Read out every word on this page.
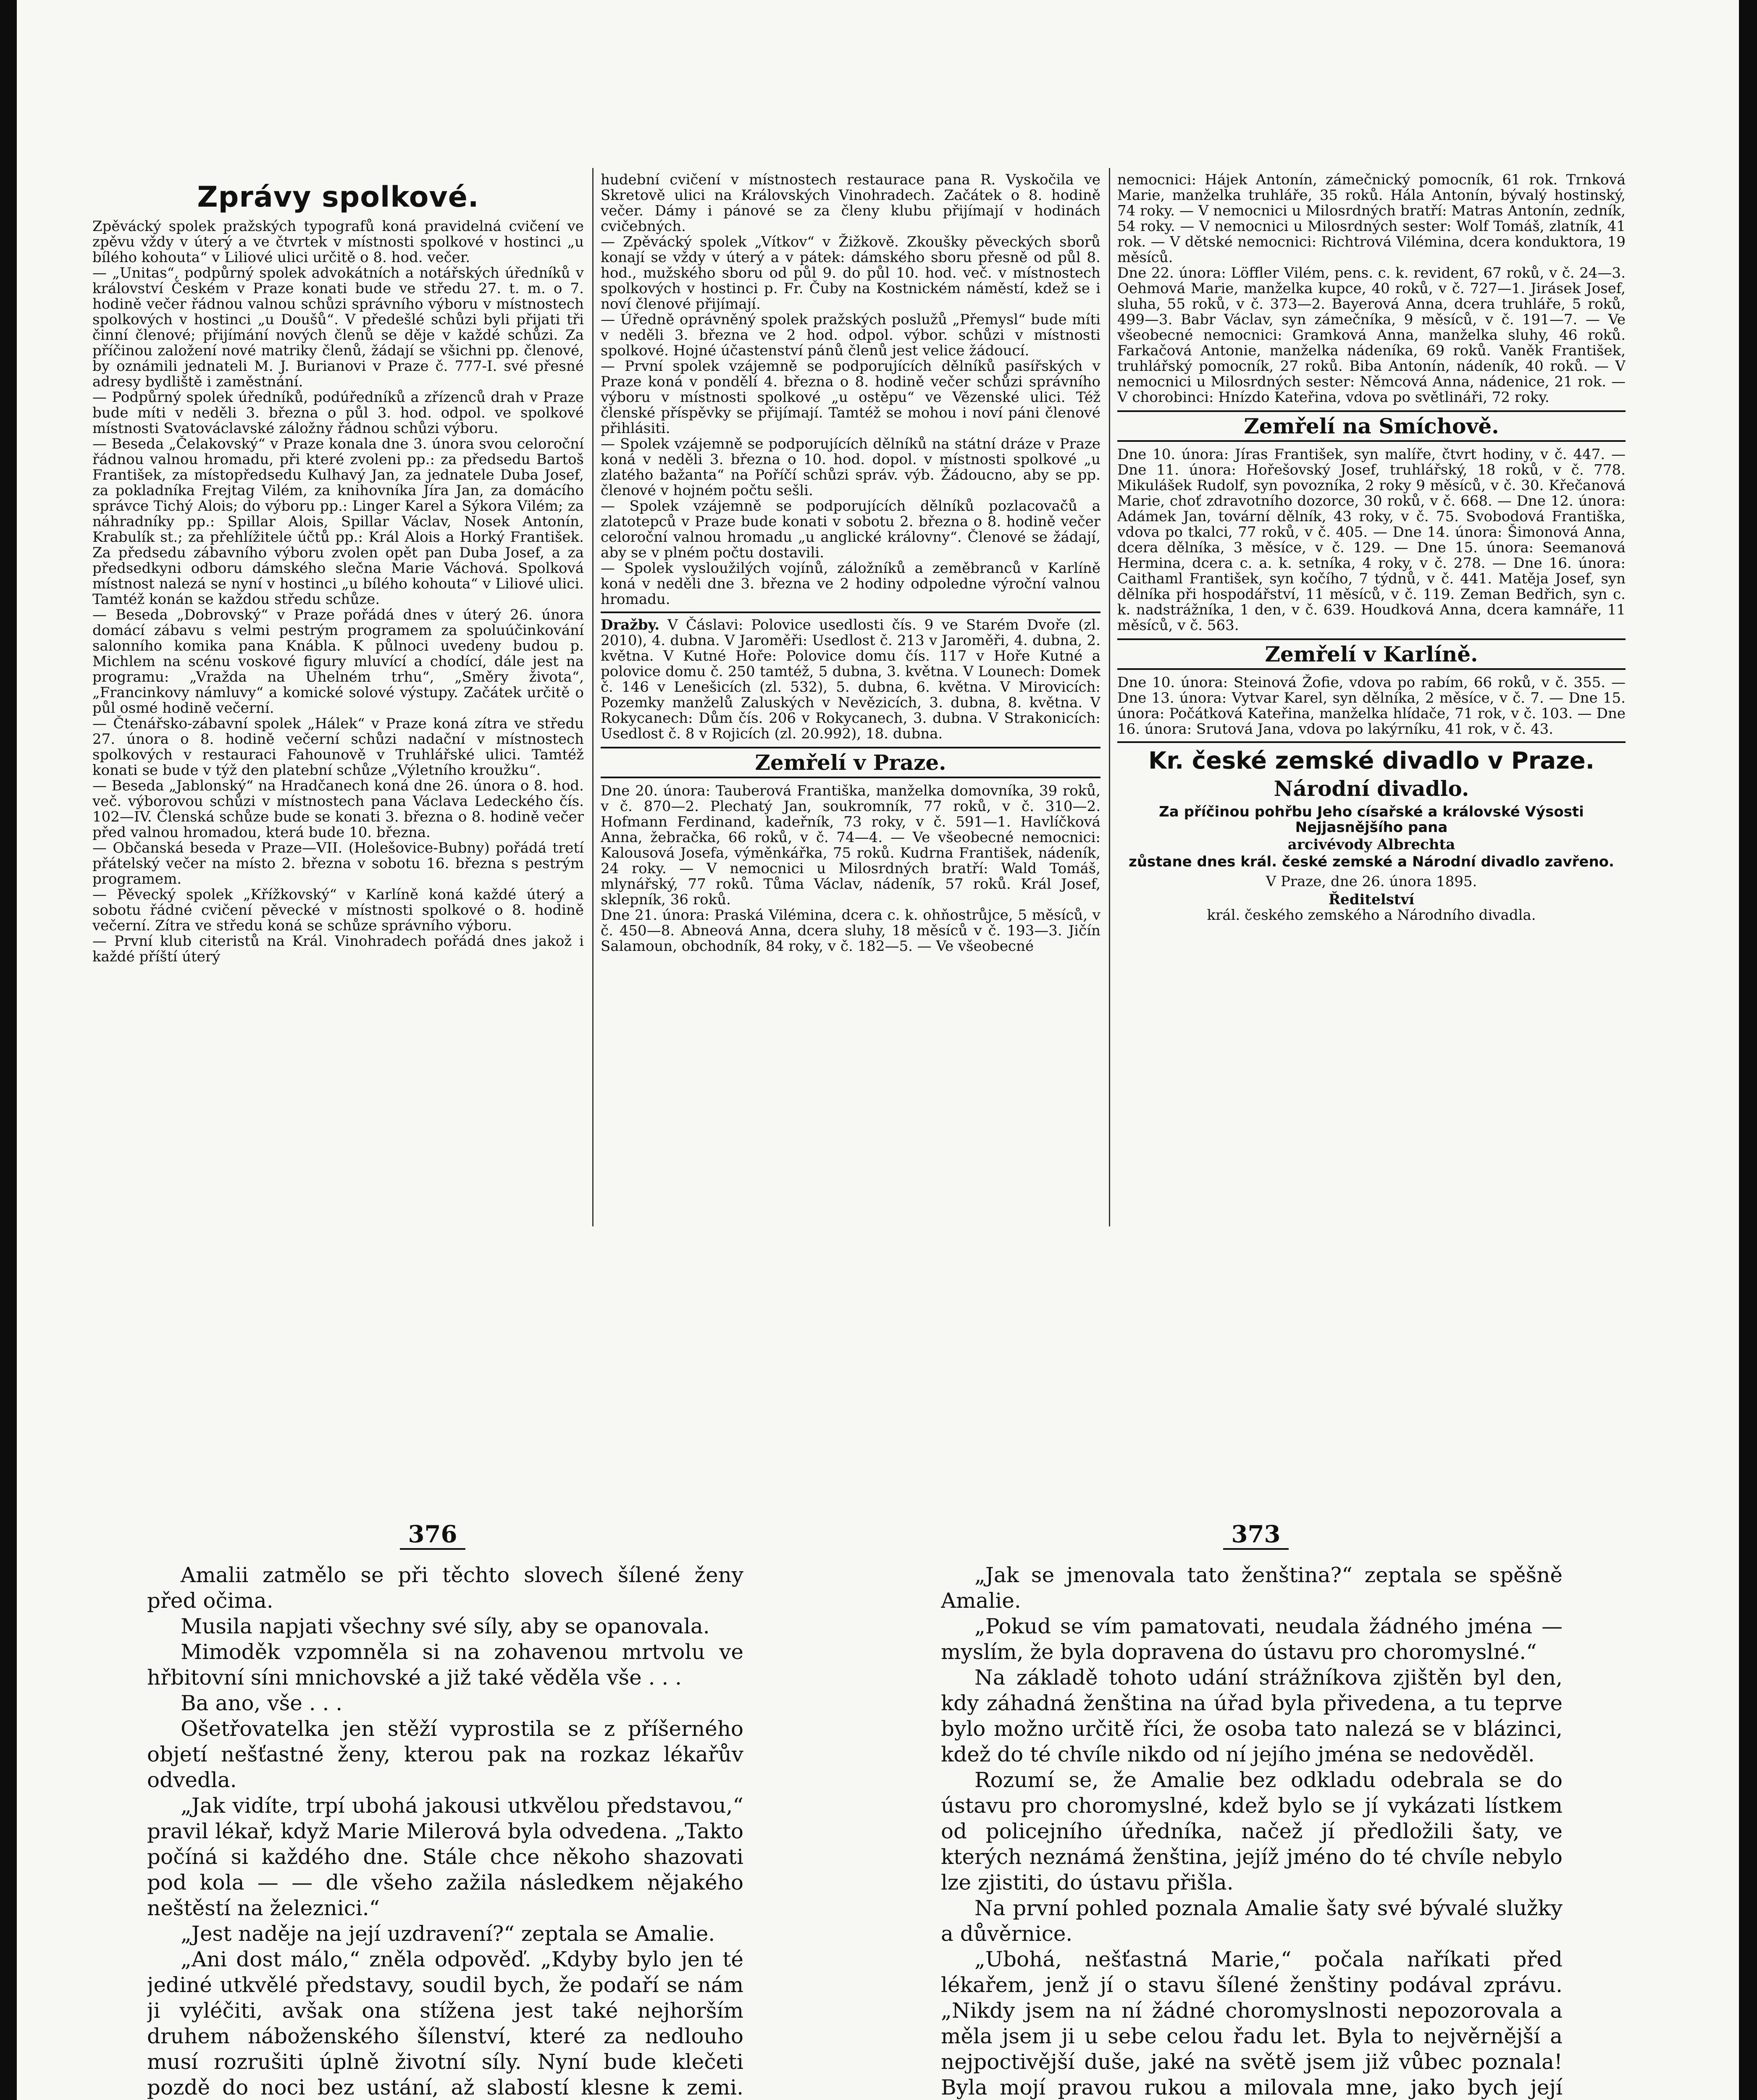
Zprávy spolkové.

Zpěvácký spolek pražských typografů koná pravidelná cvičení ve zpěvu vždy v úterý a ve čtvrtek v místnosti spolkové v hostinci „u bílého kohouta“ v Liliové ulici určitě o 8. hod. večer.

— „Unitas“, podpůrný spolek advokátních a notářských úředníků v království Českém v Praze konati bude ve středu 27. t. m. o 7. hodině večer řádnou valnou schůzi správního výboru v místnostech spolkových v hostinci „u Doušů“. V předešlé schůzi byli přijati tři činní členové; přijímání nových členů se děje v každé schůzi. Za příčinou založení nové matriky členů, žádají se všichni pp. členové, by oznámili jednateli M. J. Burianovi v Praze č. 777-I. své přesné adresy bydliště i zaměstnání.

— Podpůrný spolek úředníků, podúředníků a zřízenců drah v Praze bude míti v neděli 3. března o půl 3. hod. odpol. ve spolkové místnosti Svatováclavské záložny řádnou schůzi výboru.

— Beseda „Čelakovský“ v Praze konala dne 3. února svou celoroční řádnou valnou hromadu, při které zvoleni pp.: za předsedu Bartoš František, za místopředsedu Kulhavý Jan, za jednatele Duba Josef, za pokladníka Frejtag Vilém, za knihovníka Jíra Jan, za domácího správce Tichý Alois; do výboru pp.: Linger Karel a Sýkora Vilém; za náhradníky pp.: Spillar Alois, Spillar Václav, Nosek Antonín, Krabulík st.; za přehlížitele účtů pp.: Král Alois a Horký František. Za předsedu zábavního výboru zvolen opět pan Duba Josef, a za předsedkyni odboru dámského slečna Marie Váchová. Spolková místnost nalezá se nyní v hostinci „u bílého kohouta“ v Liliové ulici. Tamtéž konán se každou středu schůze.

— Beseda „Dobrovský“ v Praze pořádá dnes v úterý 26. února domácí zábavu s velmi pestrým programem za spoluúčinkování salonního komika pana Knábla. K půlnoci uvedeny budou p. Michlem na scénu voskové figury mluvící a chodící, dále jest na programu: „Vražda na Uhelném trhu“, „Směry života“, „Francinkovy námluvy“ a komické solové výstupy. Začátek určitě o půl osmé hodině večerní.

— Čtenářsko-zábavní spolek „Hálek“ v Praze koná zítra ve středu 27. února o 8. hodině večerní schůzi nadační v místnostech spolkových v restauraci Fahounově v Truhlářské ulici. Tamtéž konati se bude v týž den platební schůze „Výletního kroužku“.

— Beseda „Jablonský“ na Hradčanech koná dne 26. února o 8. hod. več. výborovou schůzi v místnostech pana Václava Ledeckého čís. 102—IV. Členská schůze bude se konati 3. března o 8. hodině večer před valnou hromadou, která bude 10. března.

— Občanská beseda v Praze—VII. (Holešovice-Bubny) pořádá tretí přátelský večer na místo 2. března v sobotu 16. března s pestrým programem.

— Pěvecký spolek „Křížkovský“ v Karlíně koná každé úterý a sobotu řádné cvičení pěvecké v místnosti spolkové o 8. hodině večerní. Zítra ve středu koná se schůze správního výboru.

— První klub citeristů na Král. Vinohradech pořádá dnes jakož i každé příští úterý

hudební cvičení v místnostech restaurace pana R. Vyskočila ve Skretově ulici na Královských Vinohradech. Začátek o 8. hodině večer. Dámy i pánové se za členy klubu přijímají v hodinách cvičebných.

— Zpěvácký spolek „Vítkov“ v Žižkově. Zkoušky pěveckých sborů konají se vždy v úterý a v pátek: dámského sboru přesně od půl 8. hod., mužského sboru od půl 9. do půl 10. hod. več. v místnostech spolkových v hostinci p. Fr. Čuby na Kostnickém náměstí, kdež se i noví členové přijímají.

— Úředně oprávněný spolek pražských poslužů „Přemysl“ bude míti v neděli 3. března ve 2 hod. odpol. výbor. schůzi v místnosti spolkové. Hojné účastenství pánů členů jest velice žádoucí.

— První spolek vzájemně se podporujících dělníků pasířských v Praze koná v pondělí 4. března o 8. hodině večer schůzi správního výboru v místnosti spolkové „u ostěpu“ ve Vězenské ulici. Též členské příspěvky se přijímají. Tamtéž se mohou i noví páni členové přihlásiti.

— Spolek vzájemně se podporujících dělníků na státní dráze v Praze koná v neděli 3. března o 10. hod. dopol. v místnosti spolkové „u zlatého bažanta“ na Poříčí schůzi správ. výb. Žádoucno, aby se pp. členové v hojném počtu sešli.

— Spolek vzájemně se podporujících dělníků pozlacovačů a zlatotepců v Praze bude konati v sobotu 2. března o 8. hodině večer celoroční valnou hromadu „u anglické královny“. Členové se žádají, aby se v plném počtu dostavili.

— Spolek vysloužilých vojínů, záložníků a zeměbranců v Karlíně koná v neděli dne 3. března ve 2 hodiny odpoledne výroční valnou hromadu.

Dražby. V Čáslavi: Polovice usedlosti čís. 9 ve Starém Dvoře (zl. 2010), 4. dubna. V Jaroměři: Usedlost č. 213 v Jaroměři, 4. dubna, 2. května. V Kutné Hoře: Polovice domu čís. 117 v Hoře Kutné a polovice domu č. 250 tamtéž, 5 dubna, 3. května. V Lounech: Domek č. 146 v Lenešicích (zl. 532), 5. dubna, 6. května. V Mirovicích: Pozemky manželů Zaluských v Nevězicích, 3. dubna, 8. května. V Rokycanech: Dům čís. 206 v Rokycanech, 3. dubna. V Strakonicích: Usedlost č. 8 v Rojicích (zl. 20.992), 18. dubna.

Zemřelí v Praze.

Dne 20. února: Tauberová Františka, manželka domovníka, 39 roků, v č. 870—2. Plechatý Jan, soukromník, 77 roků, v č. 310—2. Hofmann Ferdinand, kadeřník, 73 roky, v č. 591—1. Havlíčková Anna, žebračka, 66 roků, v č. 74—4. — Ve všeobecné nemocnici: Kalousová Josefa, výměnkářka, 75 roků. Kudrna František, nádeník, 24 roky. — V nemocnici u Milosrdných bratří: Wald Tomáš, mlynářský, 77 roků. Tůma Václav, nádeník, 57 roků. Král Josef, sklepník, 36 roků.

Dne 21. února: Praská Vilémina, dcera c. k. ohňostrůjce, 5 měsíců, v č. 450—8. Abneová Anna, dcera sluhy, 18 měsíců v č. 193—3. Jičín Salamoun, obchodník, 84 roky, v č. 182—5. — Ve všeobecné

nemocnici: Hájek Antonín, zámečnický pomocník, 61 rok. Trnková Marie, manželka truhláře, 35 roků. Hála Antonín, bývalý hostinský, 74 roky. — V nemocnici u Milosrdných bratří: Matras Antonín, zedník, 54 roky. — V nemocnici u Milosrdných sester: Wolf Tomáš, zlatník, 41 rok. — V dětské nemocnici: Richtrová Vilémina, dcera konduktora, 19 měsíců.

Dne 22. února: Löffler Vilém, pens. c. k. revident, 67 roků, v č. 24—3. Oehmová Marie, manželka kupce, 40 roků, v č. 727—1. Jirásek Josef, sluha, 55 roků, v č. 373—2. Bayerová Anna, dcera truhláře, 5 roků, 499—3. Babr Václav, syn zámečníka, 9 měsíců, v č. 191—7. — Ve všeobecné nemocnici: Gramková Anna, manželka sluhy, 46 roků. Farkačová Antonie, manželka nádeníka, 69 roků. Vaněk František, truhlářský pomocník, 27 roků. Biba Antonín, nádeník, 40 roků. — V nemocnici u Milosrdných sester: Němcová Anna, nádenice, 21 rok. — V chorobinci: Hnízdo Kateřina, vdova po světlináři, 72 roky.

Zemřelí na Smíchově.

Dne 10. února: Jíras František, syn malíře, čtvrt hodiny, v č. 447. — Dne 11. února: Hořešovský Josef, truhlářský, 18 roků, v č. 778. Mikulášek Rudolf, syn povozníka, 2 roky 9 měsíců, v č. 30. Křečanová Marie, choť zdravotního dozorce, 30 roků, v č. 668. — Dne 12. února: Adámek Jan, tovární dělník, 43 roky, v č. 75. Svobodová Františka, vdova po tkalci, 77 roků, v č. 405. — Dne 14. února: Šimonová Anna, dcera dělníka, 3 měsíce, v č. 129. — Dne 15. února: Seemanová Hermina, dcera c. a. k. setníka, 4 roky, v č. 278. — Dne 16. února: Caithaml František, syn kočího, 7 týdnů, v č. 441. Matěja Josef, syn dělníka při hospodářství, 11 měsíců, v č. 119. Zeman Bedřich, syn c. k. nadstrážníka, 1 den, v č. 639. Houdková Anna, dcera kamnáře, 11 měsíců, v č. 563.

Zemřelí v Karlíně.

Dne 10. února: Steinová Žofie, vdova po rabím, 66 roků, v č. 355. — Dne 13. února: Vytvar Karel, syn dělníka, 2 měsíce, v č. 7. — Dne 15. února: Počátková Kateřina, manželka hlídače, 71 rok, v č. 103. — Dne 16. února: Srutová Jana, vdova po lakýrníku, 41 rok, v č. 43.

Kr. české zemské divadlo v Praze.
Národní divadlo.

Za příčinou pohřbu Jeho císařské a královské Výsosti Nejjasnějšího pana

arcivévody Albrechta

zůstane dnes král. české zemské a Národní divadlo zavřeno.

V Praze, dne 26. února 1895.

Ředitelství

král. českého zemského a Národního divadla.

376	373

Amalii zatmělo se při těchto slovech šílené ženy před očima.

Musila napjati všechny své síly, aby se opanovala.

Mimoděk vzpomněla si na zohavenou mrtvolu ve hřbitovní síni mnichovské a již také věděla vše . . .

Ba ano, vše . . .

Ošetřovatelka jen stěží vyprostila se z příšerného objetí nešťastné ženy, kterou pak na rozkaz lékařův odvedla.

„Jak vidíte, trpí ubohá jakousi utkvělou představou,“ pravil lékař, když Marie Milerová byla odvedena. „Takto počíná si každého dne. Stále chce někoho shazovati pod kola — — dle všeho zažila následkem nějakého neštěstí na železnici.“

„Jest naděje na její uzdravení?“ zeptala se Amalie.

„Ani dost málo,“ zněla odpověď. „Kdyby bylo jen té jediné utkvělé představy, soudil bych, že podaří se nám ji vyléčiti, avšak ona stížena jest také nejhorším druhem náboženského šílenství, které za nedlouho musí rozrušiti úplně životní síly. Nyní bude klečeti pozdě do noci bez ustání, až slabostí klesne k zemi.

„Jak se jmenovala tato ženština?“ zeptala se spěšně Amalie.

„Pokud se vím pamatovati, neudala žádného jména — myslím, že byla dopravena do ústavu pro choromyslné.“

Na základě tohoto udání strážníkova zjištěn byl den, kdy záhadná ženština na úřad byla přivedena, a tu teprve bylo možno určitě říci, že osoba tato nalezá se v blázinci, kdež do té chvíle nikdo od ní jejího jména se nedověděl.

Rozumí se, že Amalie bez odkladu odebrala se do ústavu pro choromyslné, kdež bylo se jí vykázati lístkem od policejního úředníka, načež jí předložili šaty, ve kterých neznámá ženština, jejíž jméno do té chvíle nebylo lze zjistiti, do ústavu přišla.

Na první pohled poznala Amalie šaty své bývalé služky a důvěrnice.

„Ubohá, nešťastná Marie,“ počala naříkati před lékařem, jenž jí o stavu šílené ženštiny podával zprávu. „Nikdy jsem na ní žádné choromyslnosti nepozorovala a měla jsem ji u sebe celou řadu let. Byla to nejvěrnější a nejpoctivější duše, jaké na světě jsem již vůbec poznala! Byla mojí pravou rukou a milovala mne, jako bych její
